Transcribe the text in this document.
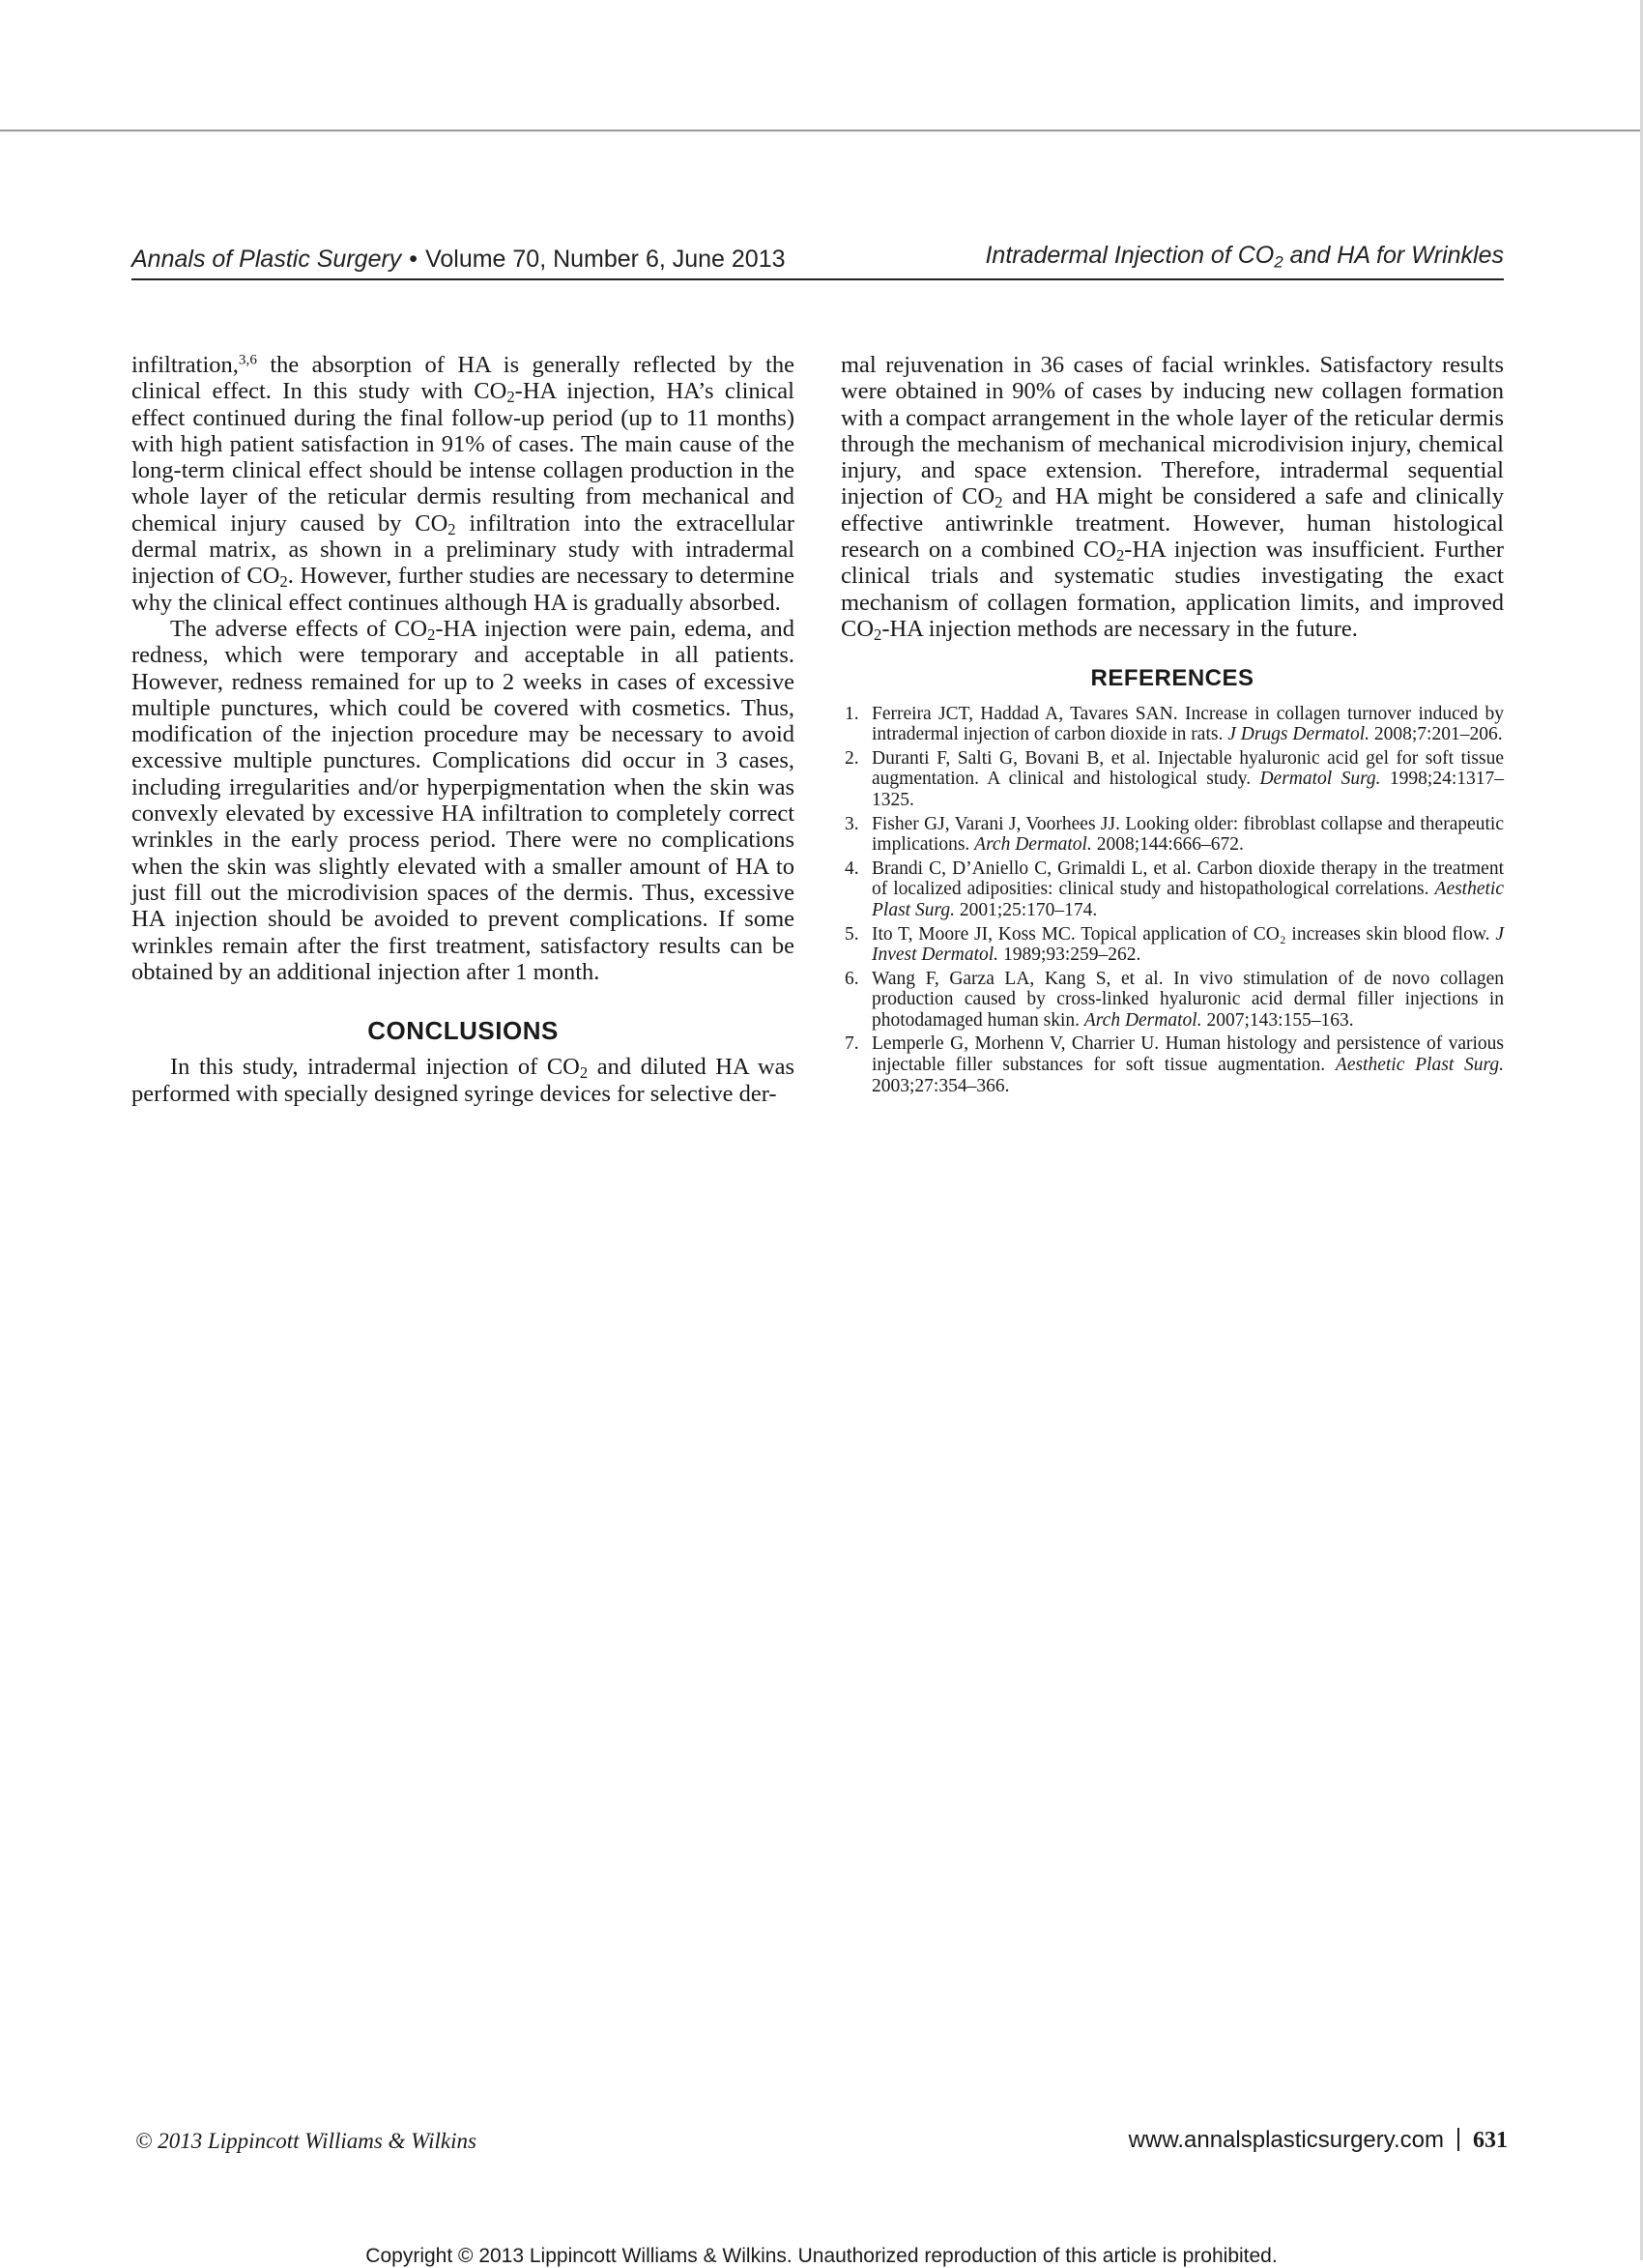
Annals of Plastic Surgery • Volume 70, Number 6, June 2013	Intradermal Injection of $CO_2$ and HA for Wrinkles

infiltration,$^{3,6}$ the absorption of HA is generally reflected by the clinical effect. In this study with $CO_2-HA$ injection, HA’s clinical effect continued during the final follow-up period (up to 11 months) with high patient satisfaction in 91% of cases. The main cause of the long-term clinical effect should be intense collagen production in the whole layer of the reticular dermis resulting from mechanical and chemical injury caused by $CO_2$ infiltration into the extracellular dermal matrix, as shown in a preliminary study with intradermal injection of $CO_2$. However, further studies are necessary to determine why the clinical effect continues although HA is gradually absorbed.

The adverse effects of $CO_2-HA$ injection were pain, edema, and redness, which were temporary and acceptable in all patients. However, redness remained for up to 2 weeks in cases of excessive multiple punctures, which could be covered with cosmetics. Thus, modification of the injection procedure may be necessary to avoid excessive multiple punctures. Complications did occur in 3 cases, including irregularities and/or hyperpigmentation when the skin was convexly elevated by excessive HA infiltration to completely correct wrinkles in the early process period. There were no complications when the skin was slightly elevated with a smaller amount of HA to just fill out the microdivision spaces of the dermis. Thus, excessive HA injection should be avoided to prevent complications. If some wrinkles remain after the first treatment, satisfactory results can be obtained by an additional injection after 1 month.

CONCLUSIONS

In this study, intradermal injection of $CO_2$ and diluted HA was performed with specially designed syringe devices for selective der-

mal rejuvenation in 36 cases of facial wrinkles. Satisfactory results were obtained in 90% of cases by inducing new collagen formation with a compact arrangement in the whole layer of the reticular dermis through the mechanism of mechanical microdivision injury, chemical injury, and space extension. Therefore, intradermal sequential injection of $CO_2$ and HA might be considered a safe and clinically effective antiwrinkle treatment. However, human histological research on a combined $CO_2-HA$ injection was insufficient. Further clinical trials and systematic studies investigating the exact mechanism of collagen formation, application limits, and improved $CO_2-HA$ injection methods are necessary in the future.

REFERENCES
1. Ferreira JCT, Haddad A, Tavares SAN. Increase in collagen turnover induced by intradermal injection of carbon dioxide in rats. J Drugs Dermatol. 2008;7:201–206.
2. Duranti F, Salti G, Bovani B, et al. Injectable hyaluronic acid gel for soft tissue augmentation. A clinical and histological study. Dermatol Surg. 1998;24:1317–1325.
3. Fisher GJ, Varani J, Voorhees JJ. Looking older: fibroblast collapse and therapeutic implications. Arch Dermatol. 2008;144:666–672.
4. Brandi C, D’Aniello C, Grimaldi L, et al. Carbon dioxide therapy in the treatment of localized adiposities: clinical study and histopathological correlations. Aesthetic Plast Surg. 2001;25:170–174.
5. Ito T, Moore JI, Koss MC. Topical application of CO₂ increases skin blood flow. J Invest Dermatol. 1989;93:259–262.
6. Wang F, Garza LA, Kang S, et al. In vivo stimulation of de novo collagen production caused by cross-linked hyaluronic acid dermal filler injections in photodamaged human skin. Arch Dermatol. 2007;143:155–163.
7. Lemperle G, Morhenn V, Charrier U. Human histology and persistence of various injectable filler substances for soft tissue augmentation. Aesthetic Plast Surg. 2003;27:354–366.
© 2013 Lippincott Williams & Wilkins	www.annalsplasticsurgery.com 631
Copyright © 2013 Lippincott Williams & Wilkins. Unauthorized reproduction of this article is prohibited.
